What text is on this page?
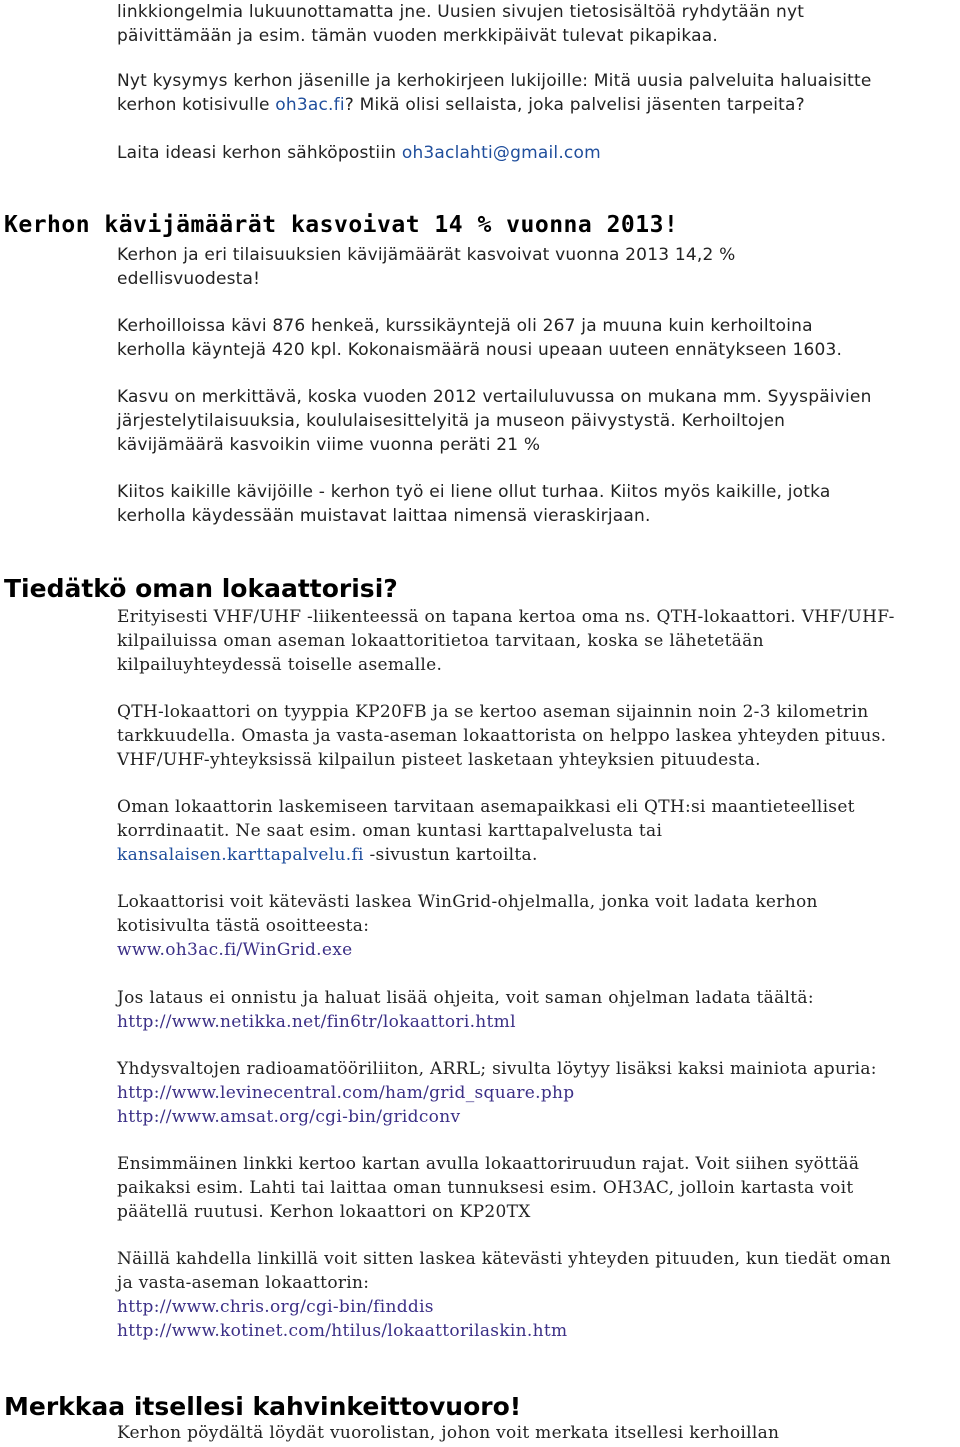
linkkiongelmia lukuunottamatta jne. Uusien sivujen tietosisältöä ryhdytään nyt
päivittämään ja esim. tämän vuoden merkkipäivät tulevat pikapikaa.
Nyt kysymys kerhon jäsenille ja kerhokirjeen lukijoille: Mitä uusia palveluita haluaisitte
kerhon kotisivulle oh3ac.fi? Mikä olisi sellaista, joka palvelisi jäsenten tarpeita?
Laita ideasi kerhon sähköpostiin oh3aclahti@gmail.com
Kerhon kävijämäärät kasvoivat 14 % vuonna 2013!
Kerhon ja eri tilaisuuksien kävijämäärät kasvoivat vuonna 2013 14,2 %
edellisvuodesta!
Kerhoilloissa kävi 876 henkeä, kurssikäyntejä oli 267 ja muuna kuin kerhoiltoina
kerholla käyntejä 420 kpl. Kokonaismäärä nousi upeaan uuteen ennätykseen 1603.
Kasvu on merkittävä, koska vuoden 2012 vertailuluvussa on mukana mm. Syyspäivien
järjestelytilaisuuksia, koululaisesittelyitä ja museon päivystystä. Kerhoiltojen
kävijämäärä kasvoikin viime vuonna peräti 21 %
Kiitos kaikille kävijöille - kerhon työ ei liene ollut turhaa. Kiitos myös kaikille, jotka
kerholla käydessään muistavat laittaa nimensä vieraskirjaan.
Tiedätkö oman lokaattorisi?
Erityisesti VHF/UHF -liikenteessä on tapana kertoa oma ns. QTH-lokaattori. VHF/UHF-
kilpailuissa oman aseman lokaattoritietoa tarvitaan, koska se lähetetään
kilpailuyhteydessä toiselle asemalle.
QTH-lokaattori on tyyppia KP20FB ja se kertoo aseman sijainnin noin 2-3 kilometrin
tarkkuudella. Omasta ja vasta-aseman lokaattorista on helppo laskea yhteyden pituus.
VHF/UHF-yhteyksissä kilpailun pisteet lasketaan yhteyksien pituudesta.
Oman lokaattorin laskemiseen tarvitaan asemapaikkasi eli QTH:si maantieteelliset
korrdinaatit. Ne saat esim. oman kuntasi karttapalvelusta tai
kansalaisen.karttapalvelu.fi -sivustun kartoilta.
Lokaattorisi voit kätevästi laskea WinGrid-ohjelmalla, jonka voit ladata kerhon
kotisivulta tästä osoitteesta:
www.oh3ac.fi/WinGrid.exe
Jos lataus ei onnistu ja haluat lisää ohjeita, voit saman ohjelman ladata täältä:
http://www.netikka.net/fin6tr/lokaattori.html
Yhdysvaltojen radioamatööriliiton, ARRL; sivulta löytyy lisäksi kaksi mainiota apuria:
http://www.levinecentral.com/ham/grid_square.php
http://www.amsat.org/cgi-bin/gridconv
Ensimmäinen linkki kertoo kartan avulla lokaattoriruudun rajat. Voit siihen syöttää
paikaksi esim. Lahti tai laittaa oman tunnuksesi esim. OH3AC, jolloin kartasta voit
päätellä ruutusi. Kerhon lokaattori on KP20TX
Näillä kahdella linkillä voit sitten laskea kätevästi yhteyden pituuden, kun tiedät oman
ja vasta-aseman lokaattorin:
http://www.chris.org/cgi-bin/finddis
http://www.kotinet.com/htilus/lokaattorilaskin.htm
Merkkaa itsellesi kahvinkeittovuoro!
Kerhon pöydältä löydät vuorolistan, johon voit merkata itsellesi kerhoillan
